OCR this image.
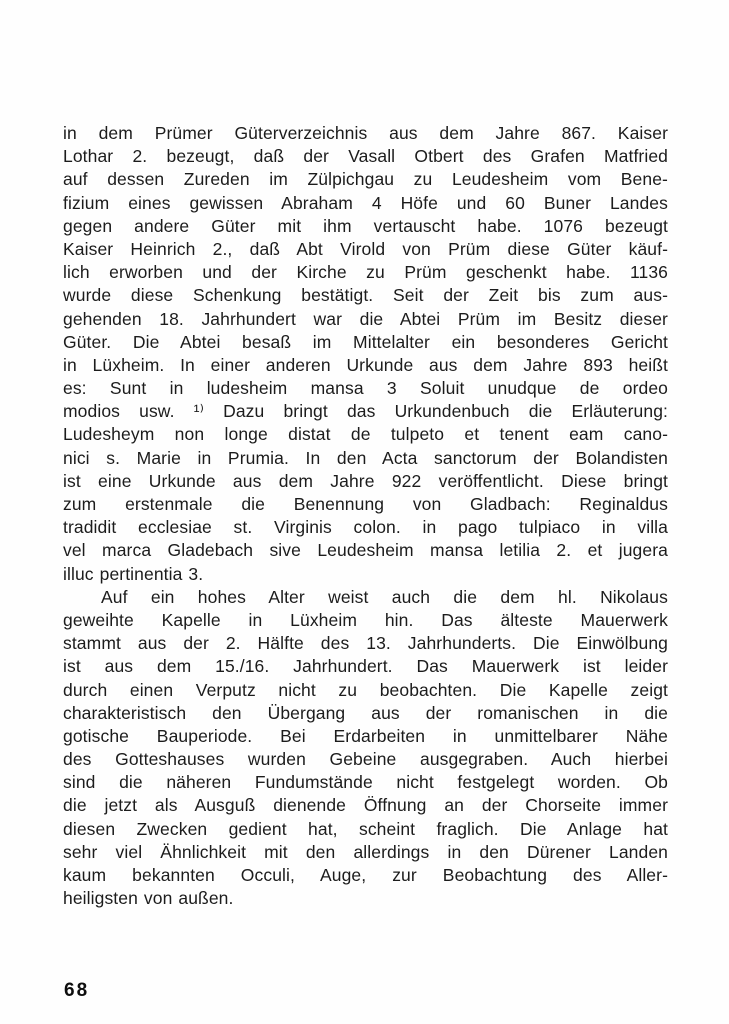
in dem Prümer Güterverzeichnis aus dem Jahre 867. Kaiser
Lothar 2. bezeugt, daß der Vasall Otbert des Grafen Matfried
auf dessen Zureden im Zülpichgau zu Leudesheim vom Bene-
fizium eines gewissen Abraham 4 Höfe und 60 Buner Landes
gegen andere Güter mit ihm vertauscht habe. 1076 bezeugt
Kaiser Heinrich 2., daß Abt Virold von Prüm diese Güter käuf-
lich erworben und der Kirche zu Prüm geschenkt habe. 1136
wurde diese Schenkung bestätigt. Seit der Zeit bis zum aus-
gehenden 18. Jahrhundert war die Abtei Prüm im Besitz dieser
Güter. Die Abtei besaß im Mittelalter ein besonderes Gericht
in Lüxheim. In einer anderen Urkunde aus dem Jahre 893 heißt
es: Sunt in ludesheim mansa 3 Soluit unudque de ordeo
modios usw. ¹⁾ Dazu bringt das Urkundenbuch die Erläuterung:
Ludesheym non longe distat de tulpeto et tenent eam cano-
nici s. Marie in Prumia. In den Acta sanctorum der Bolandisten
ist eine Urkunde aus dem Jahre 922 veröffentlicht. Diese bringt
zum erstenmale die Benennung von Gladbach: Reginaldus
tradidit ecclesiae st. Virginis colon. in pago tulpiaco in villa
vel marca Gladebach sive Leudesheim mansa letilia 2. et jugera
illuc pertinentia 3.
Auf ein hohes Alter weist auch die dem hl. Nikolaus
geweihte Kapelle in Lüxheim hin. Das älteste Mauerwerk
stammt aus der 2. Hälfte des 13. Jahrhunderts. Die Einwölbung
ist aus dem 15./16. Jahrhundert. Das Mauerwerk ist leider
durch einen Verputz nicht zu beobachten. Die Kapelle zeigt
charakteristisch den Übergang aus der romanischen in die
gotische Bauperiode. Bei Erdarbeiten in unmittelbarer Nähe
des Gotteshauses wurden Gebeine ausgegraben. Auch hierbei
sind die näheren Fundumstände nicht festgelegt worden. Ob
die jetzt als Ausguß dienende Öffnung an der Chorseite immer
diesen Zwecken gedient hat, scheint fraglich. Die Anlage hat
sehr viel Ähnlichkeit mit den allerdings in den Dürener Landen
kaum bekannten Occuli, Auge, zur Beobachtung des Aller-
heiligsten von außen.
68
